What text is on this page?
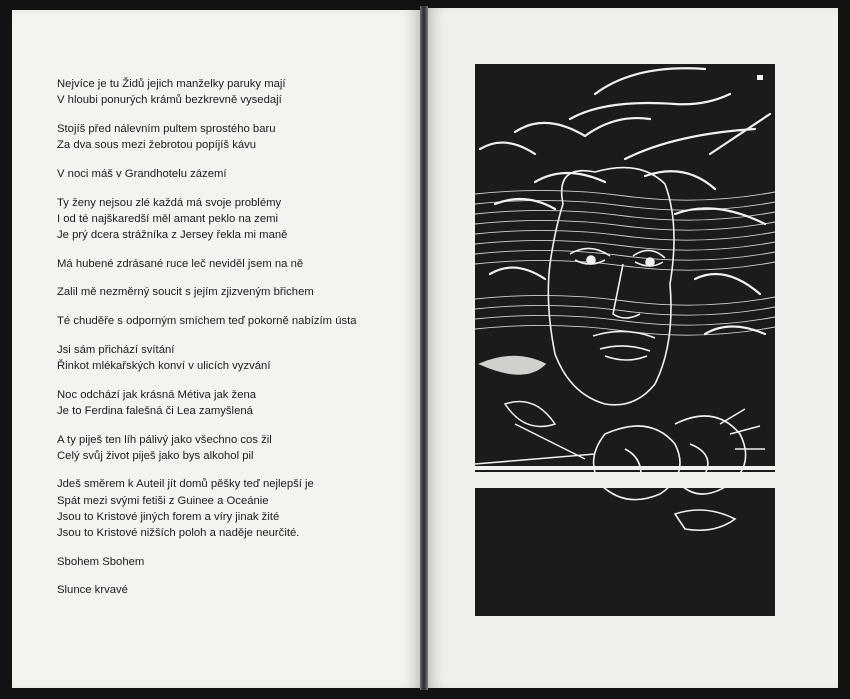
Nejvíce je tu Židů jejich manželky paruky mají
V hloubi ponurých krámů bezkrevně vysedají
Stojíš před nálevním pultem sprostého baru
Za dva sous mezi žebrotou popíjíš kávu
V noci máš v Grandhotelu zázemí
Ty ženy nejsou zlé každá má svoje problémy
I od té najškaredší měl amant peklo na zemi
Je prý dcera strážníka z Jersey řekla mi maně
Má hubené zdrásané ruce leč neviděl jsem na ně
Zalil mě nezměrný soucit s jejím zjizveným břichem
Té chuděře s odporným smíchem teď pokorně nabízím ústa
Jsi sám přichází svítání
Řinkot mlékařských konví v ulicích vyzvání
Noc odchází jak krásná Métiva jak žena
Je to Ferdina falešná či Lea zamyšlená
A ty piješ ten líh pálivý jako všechno cos žil
Celý svůj život piješ jako bys alkohol pil
Jdeš směrem k Auteil jít domů pěšky teď nejlepší je
Spát mezi svými fetiši z Guinee a Oceánie
Jsou to Kristové jiných forem a víry jinak žité
Jsou to Kristové nižších poloh a naděje neurčité.
Sbohem Sbohem
Slunce krvavé
